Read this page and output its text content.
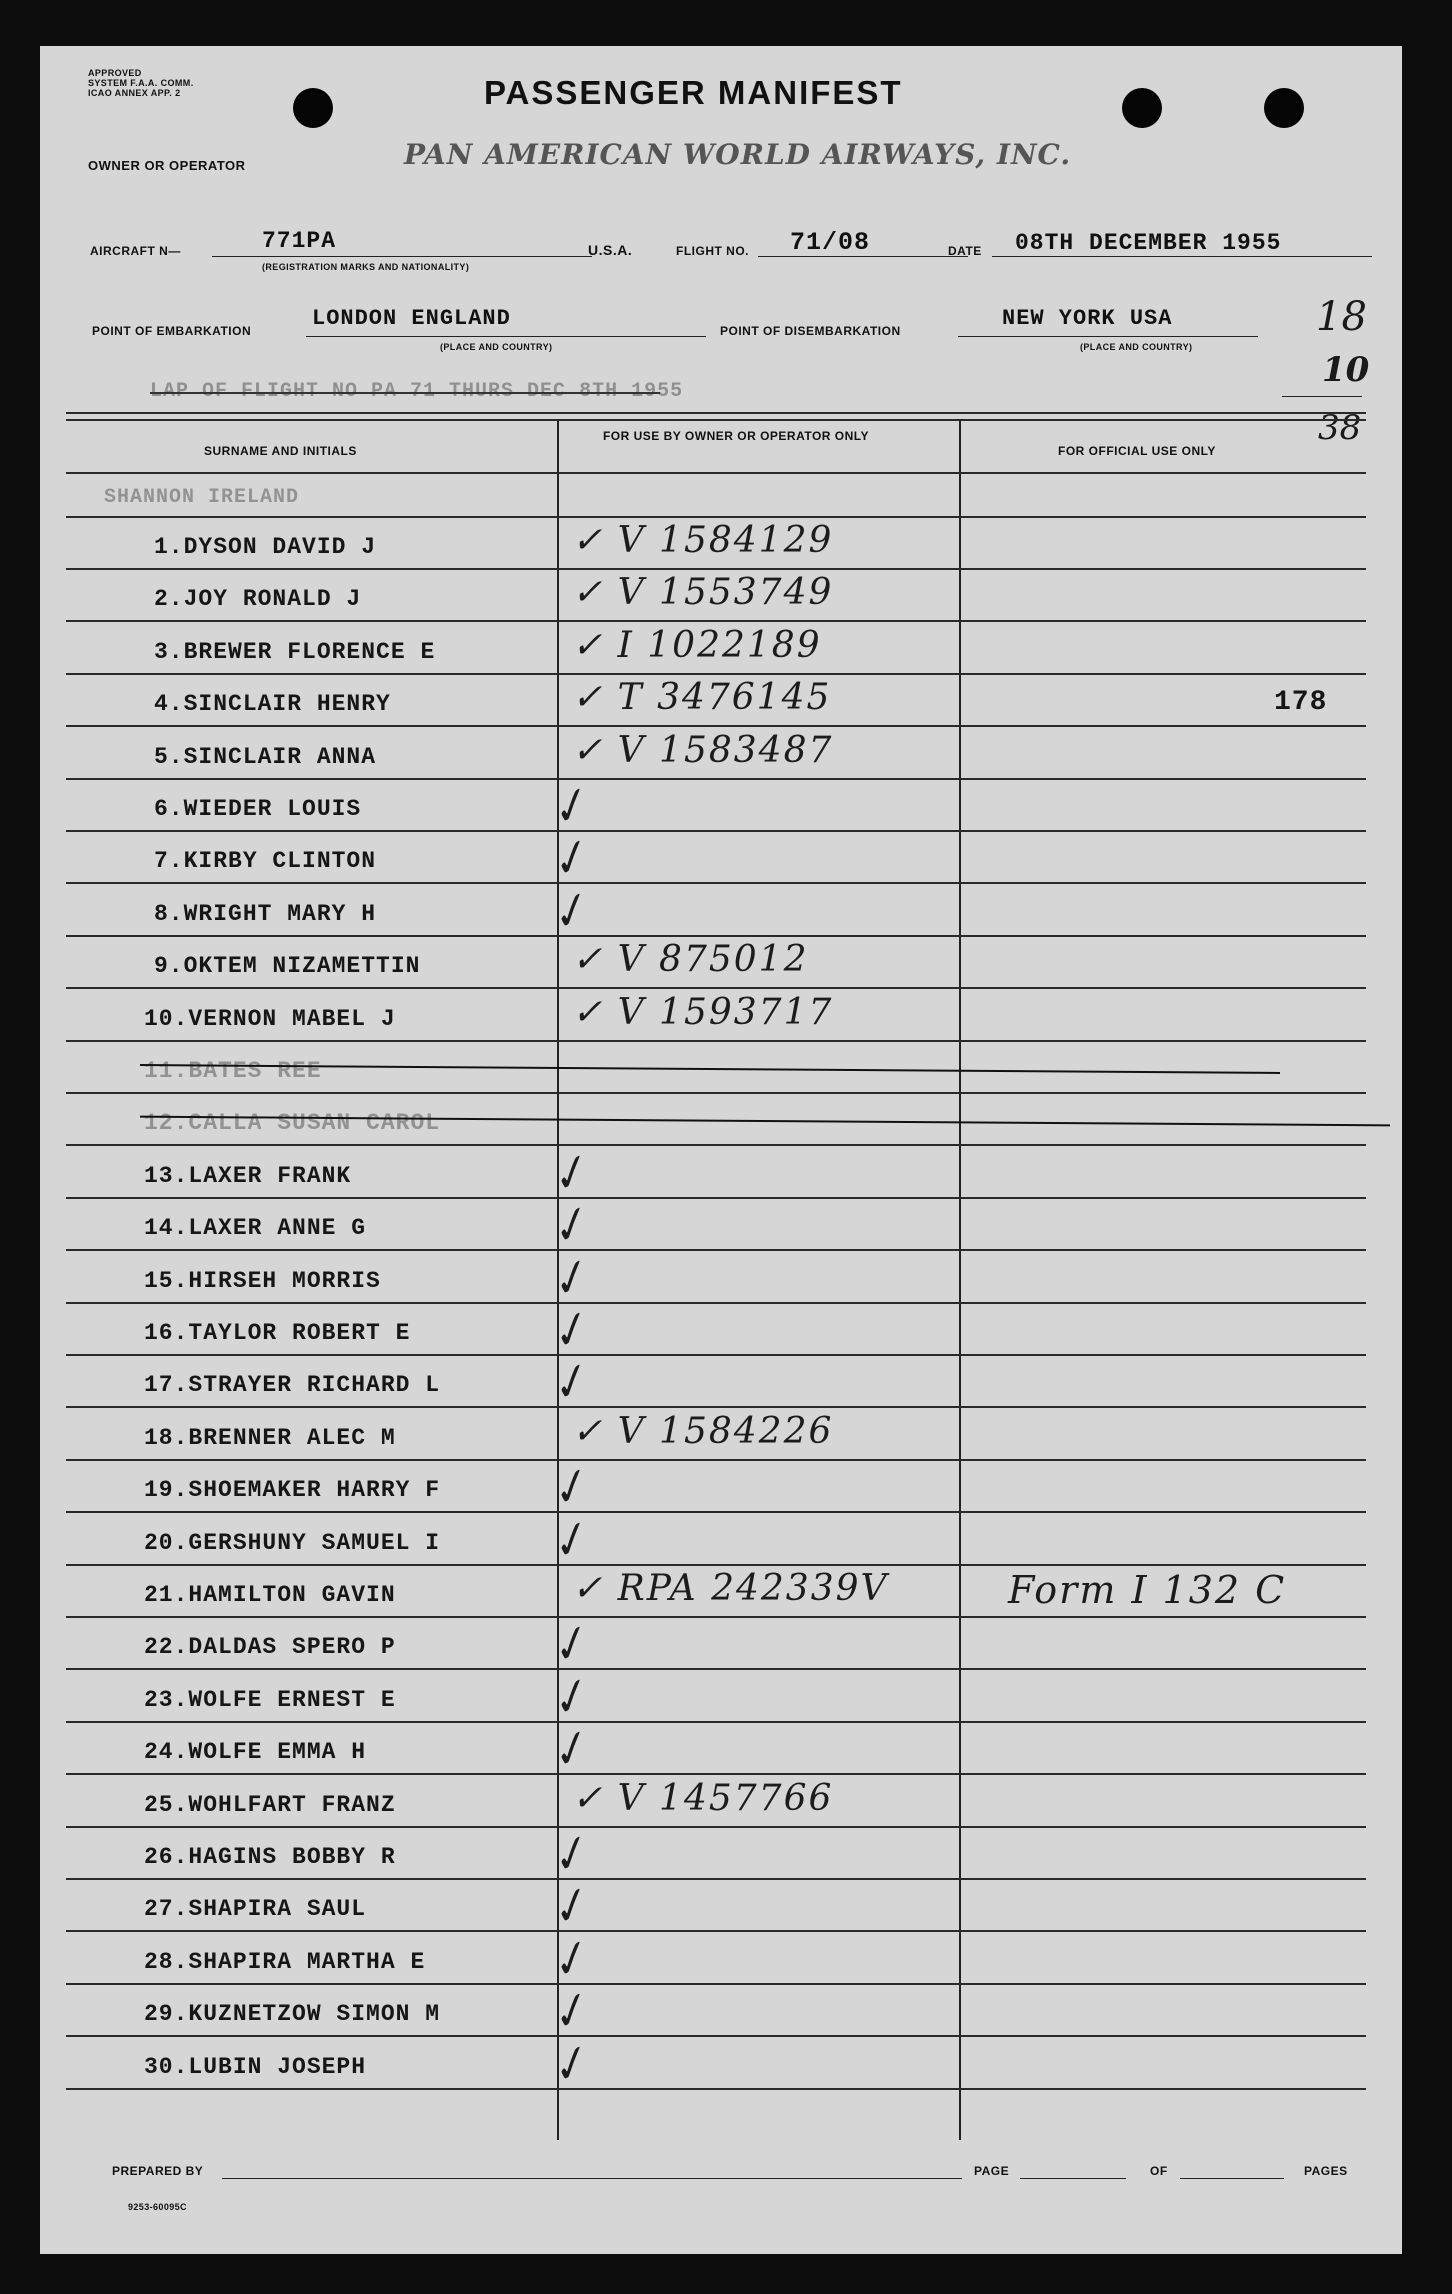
APPROVED
SYSTEM F.A.A. COMM.
ICAO ANNEX APP. 2	PASSENGER MANIFEST
OWNER OR OPERATOR	PAN AMERICAN WORLD AIRWAYS, INC.
AIRCRAFT N—	771PA
(REGISTRATION MARKS AND NATIONALITY)
U.S.A.	FLIGHT NO. 71/08	DATE 08TH DECEMBER 1955
POINT OF EMBARKATION	LONDON ENGLAND
(PLACE AND COUNTRY)
POINT OF DISEMBARKATION	NEW YORK USA
(PLACE AND COUNTRY)
18
10
38
LAP OF FLIGHT NO PA 71 THURS DEC 8TH 1955
SURNAME AND INITIALS
FOR USE BY OWNER OR OPERATOR ONLY
FOR OFFICIAL USE ONLY
SHANNON IRELAND
1.DYSON DAVID J	✓ V 1584129
2.JOY RONALD J	✓ V 1553749
3.BREWER FLORENCE E	✓ I 1022189
4.SINCLAIR HENRY	✓ T 3476145	178
5.SINCLAIR ANNA	✓ V 1583487
6.WIEDER LOUIS	✓
7.KIRBY CLINTON	✓
8.WRIGHT MARY H	✓
9.OKTEM NIZAMETTIN	✓ V 875012
10.VERNON MABEL J	✓ V 1593717
11.BATES REE
12.CALLA SUSAN CAROL
13.LAXER FRANK	✓
14.LAXER ANNE G	✓
15.HIRSEH MORRIS	✓
16.TAYLOR ROBERT E	✓
17.STRAYER RICHARD L ✓
18.BRENNER ALEC M	✓ V 1584226
19.SHOEMAKER HARRY F ✓
20.GERSHUNY SAMUEL I ✓
21.HAMILTON GAVIN	✓ RPA 242339V	Form I 132 C
22.DALDAS SPERO P	✓
23.WOLFE ERNEST E	✓
24.WOLFE EMMA H	✓
25.WOHLFART FRANZ	✓ V 1457766
26.HAGINS BOBBY R	✓
27.SHAPIRA SAUL	✓
28.SHAPIRA MARTHA E	✓
29.KUZNETZOW SIMON M ✓
30.LUBIN JOSEPH	✓
PREPARED BY	PAGE	OF	PAGES
9253-60095C
